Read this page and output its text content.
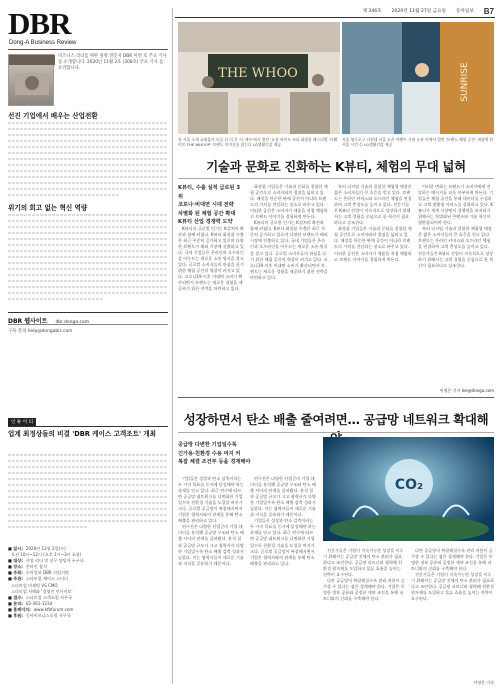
제 346호 2020년 11월 27일 금요일 동아일보 B7
DBR
Dong-A Business Review
비즈니스 리더를 위한 경영 전문지 DBR 이번 호 주요 기사를 소개합니다. 2020년 11월 2호 (308호) 주요 기사 를 요약합니다.
선진 기업에서 배우는 산업전환
위기의 회고 없는 혁신 역량
DBR 웹사이트 dbr.donga.com
구독 문의 help@dongabiz.com
인 튜 이 터
업계 최정상들의 비결 'DBR 케이스 고객조트' 개최
■ 일시: 2020년 12월 2일(수)
오전 10시~12시 (오후 1시~3시 포함)
■ 대상: 사업 리더 및 실무 담당자 누구나
■ 장소: 온라인 참석
■ 주최: 동아일보 DBR 사업지원
■ 주관: 스타트업 케이스 스터디
스타트업 마케팅 VS CMO
스타트업 사례와 '경영진 인사이트'
■ 접수: 스타트업 고객포럼 사무국
■ 문의: 02-361-1234
■ 홈페이지: www.kfbforum.com
■ 후원: 동아비즈니스포럼 사무국
THE WHOO	SUNRISE
한 서울 소재 쇼핑몰의 모습 뒤 더 후 '더 셰프'에서 열린 '유통 바이오 씨티 화장품 페스티벌 '더웨이브 THE WHOOP' 브랜드 이미지를 잡는다 LG생활건강 제공
서울 영등포구 더현대 서울 오픈 이벤트 기념 유흥 이에서 열린 '브랜드 체험 공간' 개장에 한 서울 시민 등 LG생활건강 제공
기술과 문화로 진화하는 K뷰티, 체험의 무대 넓혀
K뷰티, 수출 실적 급로된 3위
코로나·비대면 시대 전략
차별화 된 체험 공간 확대
K뷰티 산업 경쟁력 도약

K뷰티의 글로벌 인기는 K컬처의 확산과 함께 커졌다. K뷰티 화장품 수출은 최근 꾸준히 증가하고 있으며 다양한 브랜드가 해외 시장에 진출하고 있다. 국내 기업들은 온라인과 오프라인을 아우르는 새로운 소통 방식을 찾고 있다. 글로벌 소비자들의 관심을 끌기 위한 체험 공간의 역할이 커지고 있다. 코로나19 이후 비대면 소비가 확산되면서 브랜드는 새로운 경험을 제공하기 위한 전략을 마련하고 있다.

화장품 기업들은 기술과 문화를 결합한 체험 공간으로 소비자와의 접점을 넓히고 있다. 매장을 단순한 판매 공간이 아니라 브랜드의 가치를 전달하는 장소로 바꾸고 있다. 이러한 공간은 소비자가 제품을 직접 체험하고 브랜드 이야기를 경험하게 만든다.

K뷰티의 글로벌 인기는 K컬처의 확산과 함께 커졌다. K뷰티 화장품 수출은 최근 꾸준히 증가하고 있으며 다양한 브랜드가 해외 시장에 진출하고 있다. 국내 기업들은 온라인과 오프라인을 아우르는 새로운 소통 방식을 찾고 있다. 글로벌 소비자들의 관심을 끌기 위한 체험 공간의 역할이 커지고 있다. 코로나19 이후 비대면 소비가 확산되면서 브랜드는 새로운 경험을 제공하기 위한 전략을 마련하고 있다.

특히 디지털 기술과 결합한 체험형 매장은 젊은 소비자들의 큰 호응을 얻고 있다. 브랜드는 온라인 커머스와 오프라인 체험을 연결하여 고객 충성도를 높이고 있다. 전문가들은 K뷰티 산업이 지속적으로 성장하기 위해서는 고객 경험을 중심으로 한 혁신이 필요하다고 강조한다.

화장품 기업들은 기술과 문화를 결합한 체험 공간으로 소비자와의 접점을 넓히고 있다. 매장을 단순한 판매 공간이 아니라 브랜드의 가치를 전달하는 장소로 바꾸고 있다. 이러한 공간은 소비자가 제품을 직접 체험하고 브랜드 이야기를 경험하게 만든다.

이러한 변화는 브랜드가 소비자에게 전달하는 메시지를 더욱 풍부하게 만든다. 기업들은 체험 공간을 통해 데이터를 수집하고 고객 맞춤형 서비스를 강화하고 있다. K뷰티가 세계 시장에서 경쟁력을 유지하기 위해서는 차별화된 콘텐츠와 기술 혁신이 뒷받침되어야 한다.

특히 디지털 기술과 결합한 체험형 매장은 젊은 소비자들의 큰 호응을 얻고 있다. 브랜드는 온라인 커머스와 오프라인 체험을 연결하여 고객 충성도를 높이고 있다. 전문가들은 K뷰티 산업이 지속적으로 성장하기 위해서는 고객 경험을 중심으로 한 혁신이 필요하다고 강조한다.

이정은 기자 lee@donga.com
성장하면서 탄소 배출 줄여려면… 공급망 네트워크 확대해
공급망 다변한 기업일수록
긴가용·친환경 수용 여지 커
복잡 체결 조건부 등을 경계해야
CO₂

기업들은 성장과 탄소 감축이라는 두 가지 목표를 동시에 달성해야 하는 과제를 안고 있다. 최근 연구에 따르면 공급망 네트워크를 다변화한 기업일수록 친환경 기술을 도입할 여지가 크다. 글로벌 공급망이 복잡해지면서 기업은 협력사와의 관계를 통해 탄소 배출을 관리하고 있다.

연구진은 다양한 산업군의 기업 데이터를 분석해 공급망 구조와 탄소 배출 사이의 관계를 살펴봤다. 분석 결과 공급망 규모가 크고 협력사가 다양한 기업일수록 탄소 배출 감축 성과가 높았다. 이는 협력사들이 새로운 기술과 지식을 공유하기 때문이다.

연구진은 다양한 산업군의 기업 데이터를 분석해 공급망 구조와 탄소 배출 사이의 관계를 살펴봤다. 분석 결과 공급망 규모가 크고 협력사가 다양한 기업일수록 탄소 배출 감축 성과가 높았다. 이는 협력사들이 새로운 기술과 지식을 공유하기 때문이다.

기업들은 성장과 탄소 감축이라는 두 가지 목표를 동시에 달성해야 하는 과제를 안고 있다. 최근 연구에 따르면 공급망 네트워크를 다변화한 기업일수록 친환경 기술을 도입할 여지가 크다. 글로벌 공급망이 복잡해지면서 기업은 협력사와의 관계를 통해 탄소 배출을 관리하고 있다.

전문가들은 기업이 지속가능한 성장을 이루기 위해서는 공급망 전체의 탄소 관리가 필요하다고 조언한다. 공급망 파트너와 협력해 친환경 원자재를 도입하고 물류 효율을 높이는 전략이 요구된다.

다만 공급망이 복잡해질수록 관리 비용이 증가할 수 있다는 점은 경계해야 한다. 기업은 투명한 정보 공유와 공정한 계약 조건을 통해 파트너와의 신뢰를 구축해야 한다.

다만 공급망이 복잡해질수록 관리 비용이 증가할 수 있다는 점은 경계해야 한다. 기업은 투명한 정보 공유와 공정한 계약 조건을 통해 파트너와의 신뢰를 구축해야 한다.

전문가들은 기업이 지속가능한 성장을 이루기 위해서는 공급망 전체의 탄소 관리가 필요하다고 조언한다. 공급망 파트너와 협력해 친환경 원자재를 도입하고 물류 효율을 높이는 전략이 요구된다.

이정은 기자
